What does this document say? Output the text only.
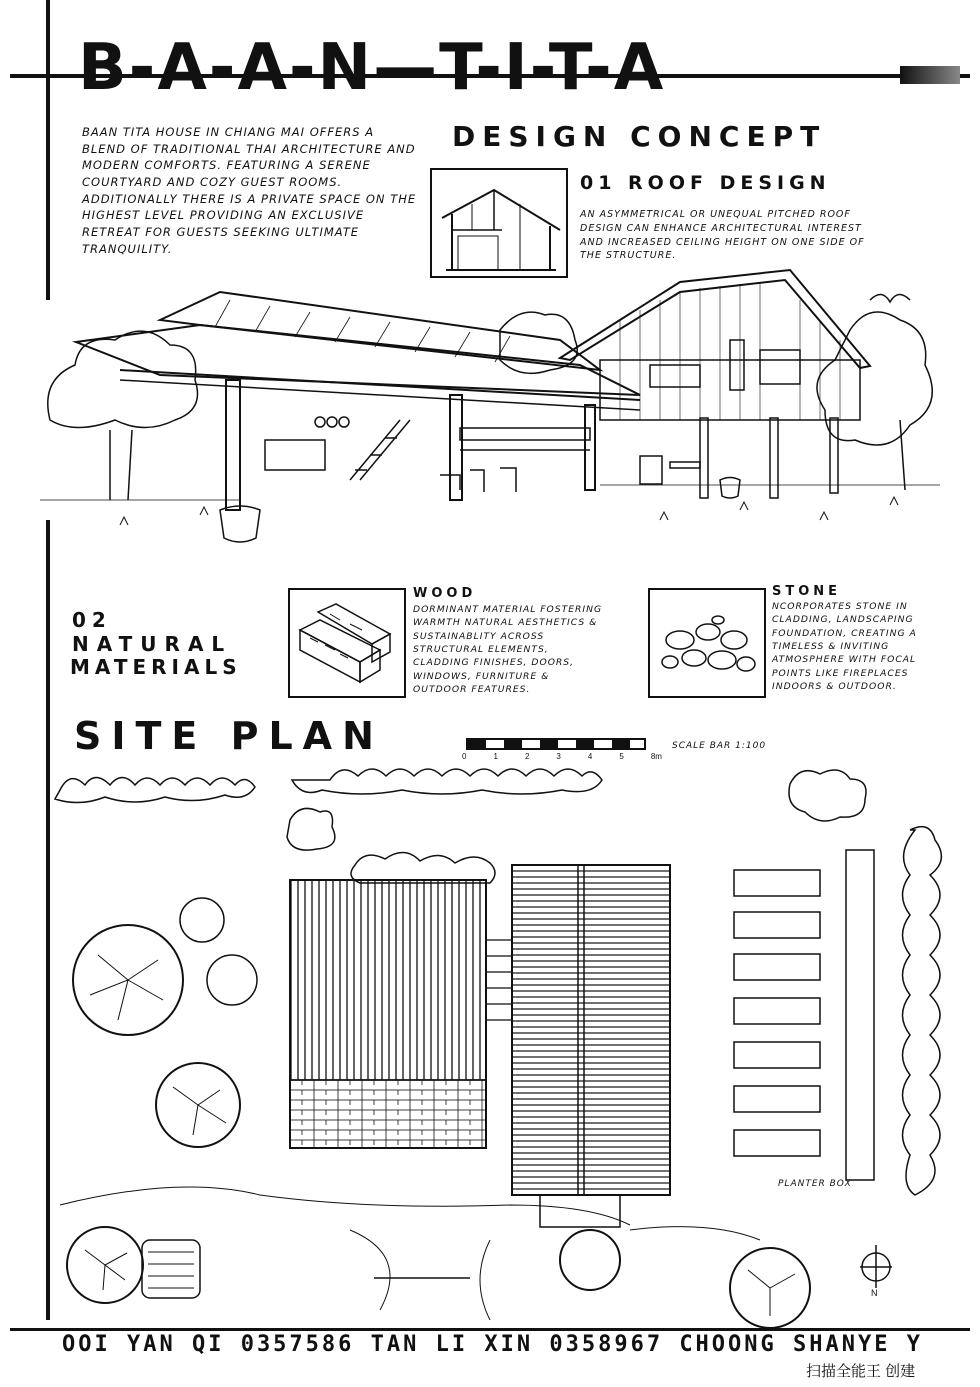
B-A-A-N—T-I-T-A
DESIGN CONCEPT
BAAN TITA HOUSE IN CHIANG MAI OFFERS A BLEND OF TRADITIONAL THAI ARCHITECTURE AND MODERN COMFORTS. FEATURING A SERENE COURTYARD AND COZY GUEST ROOMS. ADDITIONALLY THERE IS A PRIVATE SPACE ON THE HIGHEST LEVEL PROVIDING AN EXCLUSIVE RETREAT FOR GUESTS SEEKING ULTIMATE TRANQUILITY.
01 ROOF DESIGN
AN ASYMMETRICAL OR UNEQUAL PITCHED ROOF DESIGN CAN ENHANCE ARCHITECTURAL INTEREST AND INCREASED CEILING HEIGHT ON ONE SIDE OF THE STRUCTURE.
02
NATURAL
MATERIALS
WOOD
DORMINANT MATERIAL FOSTERING WARMTH NATURAL AESTHETICS & SUSTAINABLITY ACROSS STRUCTURAL ELEMENTS, CLADDING FINISHES, DOORS, WINDOWS, FURNITURE & OUTDOOR FEATURES.
STONE
NCORPORATES STONE IN CLADDING, LANDSCAPING FOUNDATION, CREATING A TIMELESS & INVITING ATMOSPHERE WITH FOCAL POINTS LIKE FIREPLACES INDOORS & OUTDOOR.
SITE PLAN	0	1	2	3	4	5	8m
SCALE BAR 1:100
PLANTER BOX
N
OOI YAN QI 0357586 TAN LI XIN 0358967 CHOONG SHANYE Y
扫描全能王 创建
